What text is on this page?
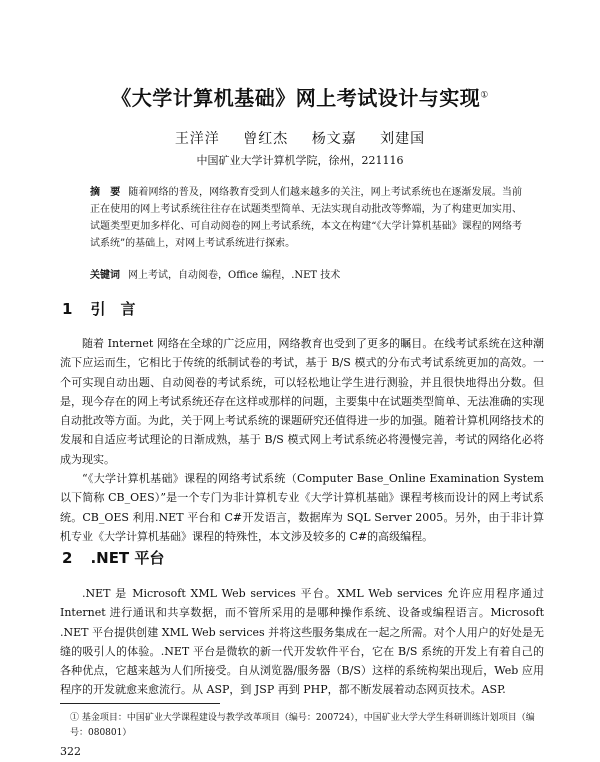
《大学计算机基础》网上考试设计与实现①
王洋洋 曾红杰 杨文嘉 刘建国
中国矿业大学计算机学院，徐州，221116
摘　要 随着网络的普及，网络教育受到人们越来越多的关注，网上考试系统也在逐渐发展。当前正在使用的网上考试系统往往存在试题类型简单、无法实现自动批改等弊端，为了构建更加实用、试题类型更加多样化、可自动阅卷的网上考试系统，本文在构建“《大学计算机基础》课程的网络考试系统”的基础上，对网上考试系统进行探索。
关键词 网上考试，自动阅卷，Office 编程，.NET 技术
1 引　言

随着 Internet 网络在全球的广泛应用，网络教育也受到了更多的瞩目。在线考试系统在这种潮流下应运而生，它相比于传统的纸制试卷的考试，基于 B/S 模式的分布式考试系统更加的高效。一个可实现自动出题、自动阅卷的考试系统，可以轻松地让学生进行测验，并且很快地得出分数。但是，现今存在的网上考试系统还存在这样或那样的问题，主要集中在试题类型简单、无法准确的实现自动批改等方面。为此，关于网上考试系统的课题研究还值得进一步的加强。随着计算机网络技术的发展和自适应考试理论的日渐成熟，基于 B/S 模式网上考试系统必将漫慢完善，考试的网络化必将成为现实。

“《大学计算机基础》课程的网络考试系统（Computer Base_Online Examination System 以下简称 CB_OES）”是一个专门为非计算机专业《大学计算机基础》课程考核而设计的网上考试系统。CB_OES 利用.NET 平台和 C#开发语言，数据库为 SQL Server 2005。另外，由于非计算机专业《大学计算机基础》课程的特殊性，本文涉及较多的 C#的高级编程。

2 .NET 平台

.NET 是 Microsoft XML Web services 平台。XML Web services 允许应用程序通过 Internet 进行通讯和共享数据，而不管所采用的是哪种操作系统、设备或编程语言。Microsoft .NET 平台提供创建 XML Web services 并将这些服务集成在一起之所需。对个人用户的好处是无缝的吸引人的体验。.NET 平台是微软的新一代开发软件平台，它在 B/S 系统的开发上有着自己的各种优点，它越来越为人们所接受。自从浏览器/服务器（B/S）这样的系统构架出现后，Web 应用程序的开发就愈来愈流行。从 ASP，到 JSP 再到 PHP，都不断发展着动态网页技术。ASP.

① 基金项目：中国矿业大学课程建设与教学改革项目（编号：200724），中国矿业大学大学生科研训练计划项目（编号：080801）
322
